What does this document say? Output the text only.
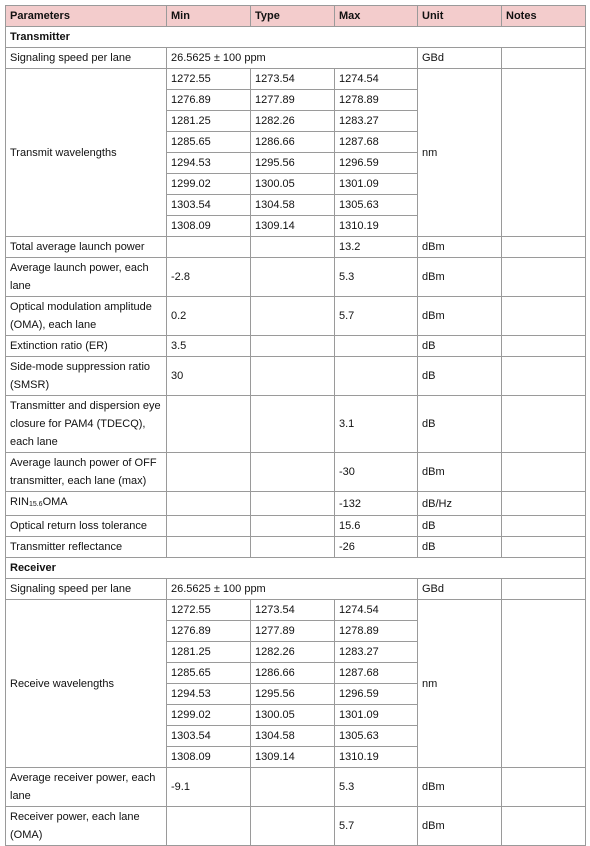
Parameters	Min	Type	Max	Unit	Notes
Transmitter					
Signaling speed per lane	26.5625 ± 100 ppm			GBd	
Transmit wavelengths	1272.55	1273.54	1274.54	nm	
	1276.89	1277.89	1278.89		
	1281.25	1282.26	1283.27		
	1285.65	1286.66	1287.68		
	1294.53	1295.56	1296.59		
	1299.02	1300.05	1301.09		
	1303.54	1304.58	1305.63		
	1308.09	1309.14	1310.19		
Total average launch power			13.2	dBm	
Average launch power, each lane	-2.8		5.3	dBm	
Optical modulation amplitude (OMA), each lane	0.2		5.7	dBm	
Extinction ratio (ER)	3.5			dB	
Side-mode suppression ratio (SMSR)	30			dB	
Transmitter and dispersion eye closure for PAM4 (TDECQ), each lane			3.1	dB	
Average launch power of OFF transmitter, each lane (max)			-30	dBm	
$RIN_{15.6}OMA$			-132	dB/Hz	
Optical return loss tolerance			15.6	dB	
Transmitter reflectance			-26	dB	
Receiver					
Signaling speed per lane	26.5625 ± 100 ppm			GBd	
Receive wavelengths	1272.55	1273.54	1274.54	nm	
	1276.89	1277.89	1278.89		
	1281.25	1282.26	1283.27		
	1285.65	1286.66	1287.68		
	1294.53	1295.56	1296.59		
	1299.02	1300.05	1301.09		
	1303.54	1304.58	1305.63		
	1308.09	1309.14	1310.19		
Average receiver power, each lane	-9.1		5.3	dBm	
Receiver power, each lane (OMA)			5.7	dBm	
